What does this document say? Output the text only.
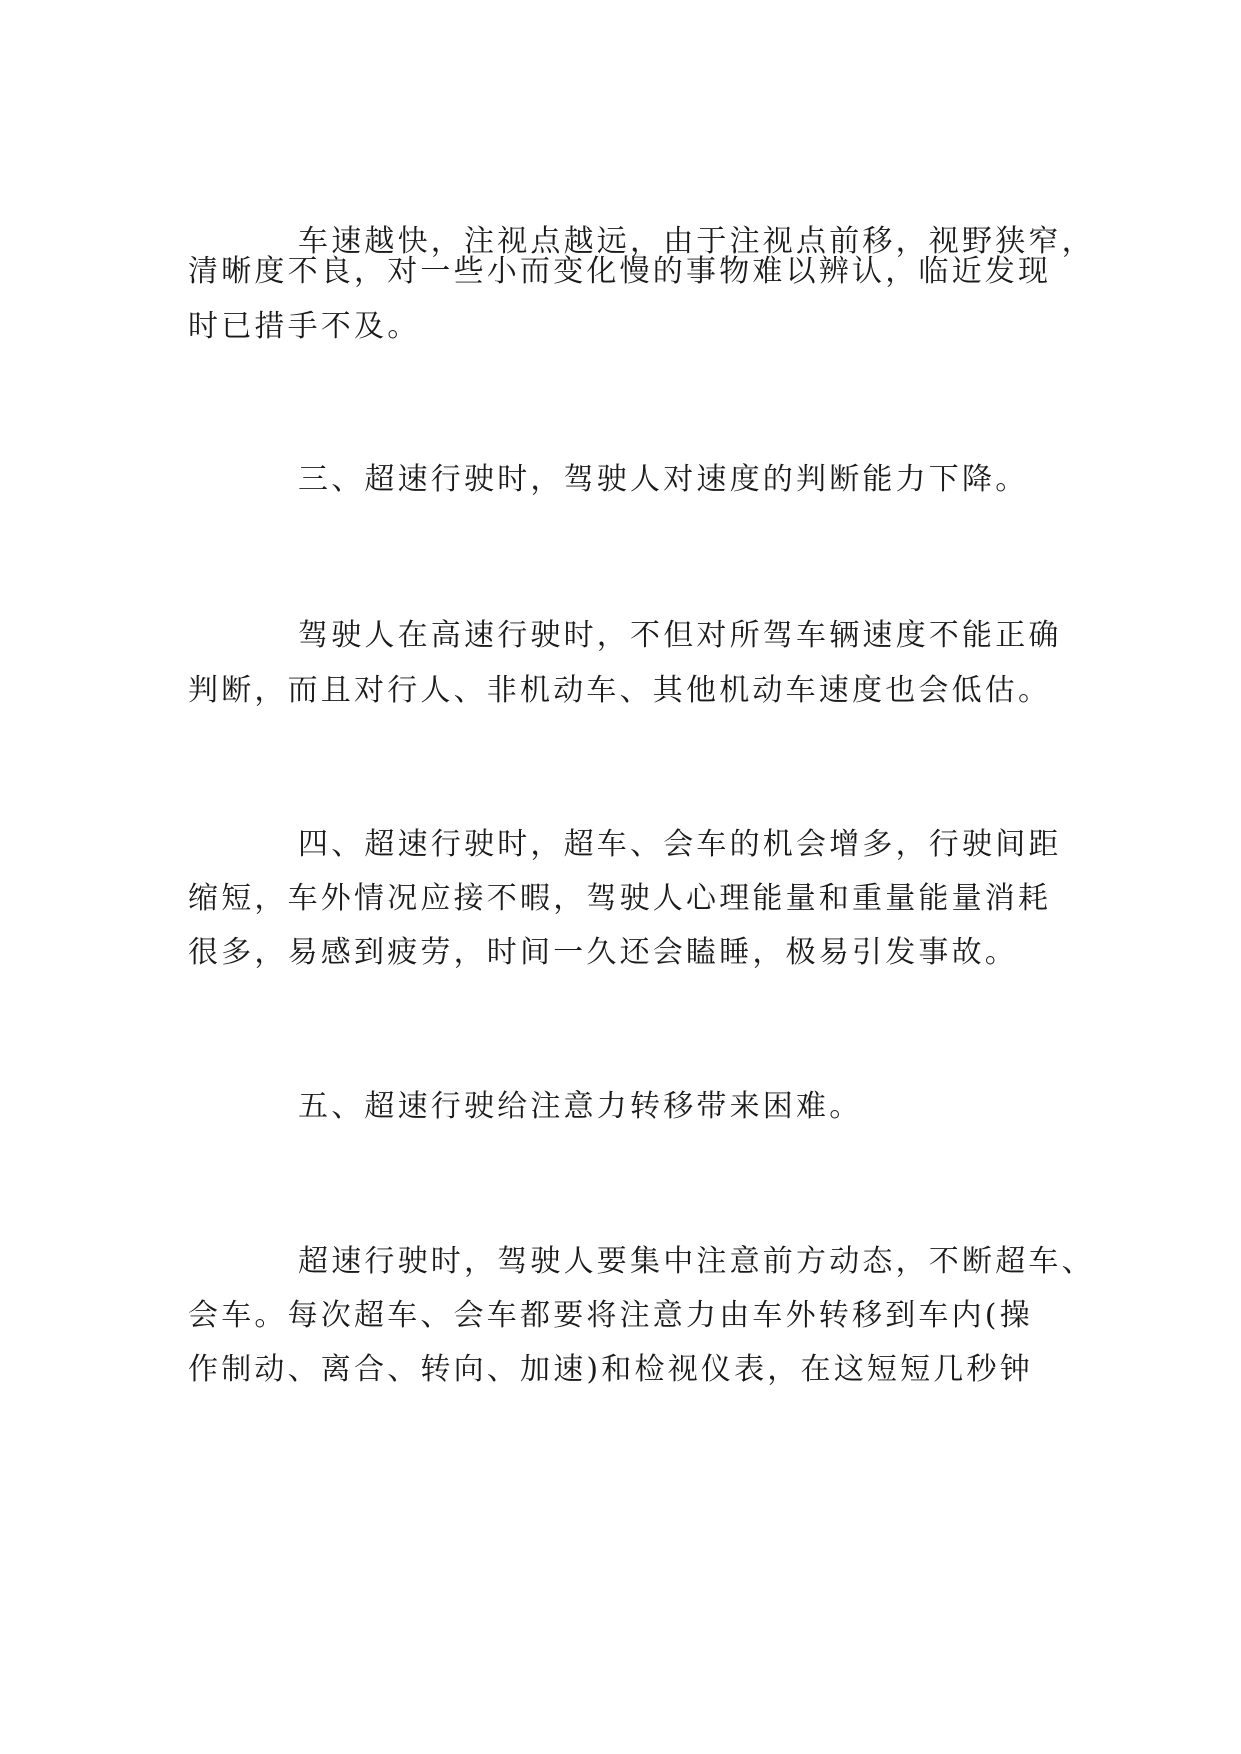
车速越快，注视点越远，由于注视点前移，视野狭窄，
清晰度不良，对一些小而变化慢的事物难以辨认，临近发现
时已措手不及。
三、超速行驶时，驾驶人对速度的判断能力下降。
驾驶人在高速行驶时，不但对所驾车辆速度不能正确
判断，而且对行人、非机动车、其他机动车速度也会低估。
四、超速行驶时，超车、会车的机会增多，行驶间距
缩短，车外情况应接不暇，驾驶人心理能量和重量能量消耗
很多，易感到疲劳，时间一久还会瞌睡，极易引发事故。
五、超速行驶给注意力转移带来困难。
超速行驶时，驾驶人要集中注意前方动态，不断超车、
会车。每次超车、会车都要将注意力由车外转移到车内(操
作制动、离合、转向、加速)和检视仪表，在这短短几秒钟
